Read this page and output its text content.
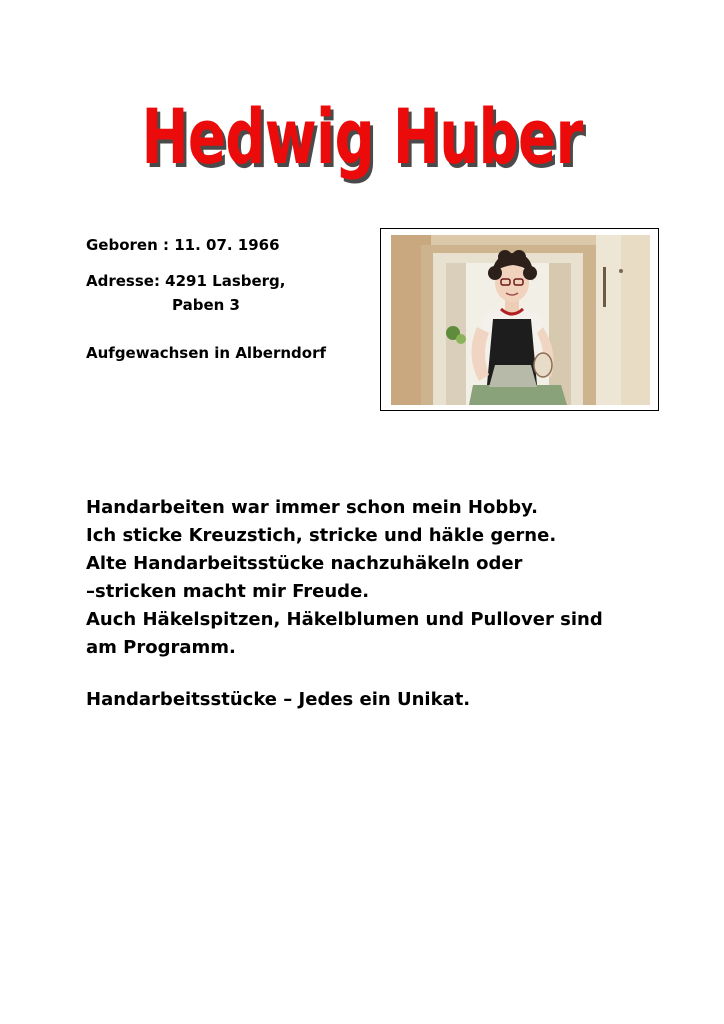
Hedwig Huber
Geboren : 11. 07. 1966
Adresse: 4291 Lasberg,
Paben 3
Aufgewachsen in Alberndorf
Handarbeiten war immer schon mein Hobby.
Ich sticke Kreuzstich, stricke und häkle gerne.
Alte Handarbeitsstücke nachzuhäkeln oder
–stricken macht mir Freude.
Auch Häkelspitzen, Häkelblumen und Pullover sind
am Programm.
Handarbeitsstücke – Jedes ein Unikat.
